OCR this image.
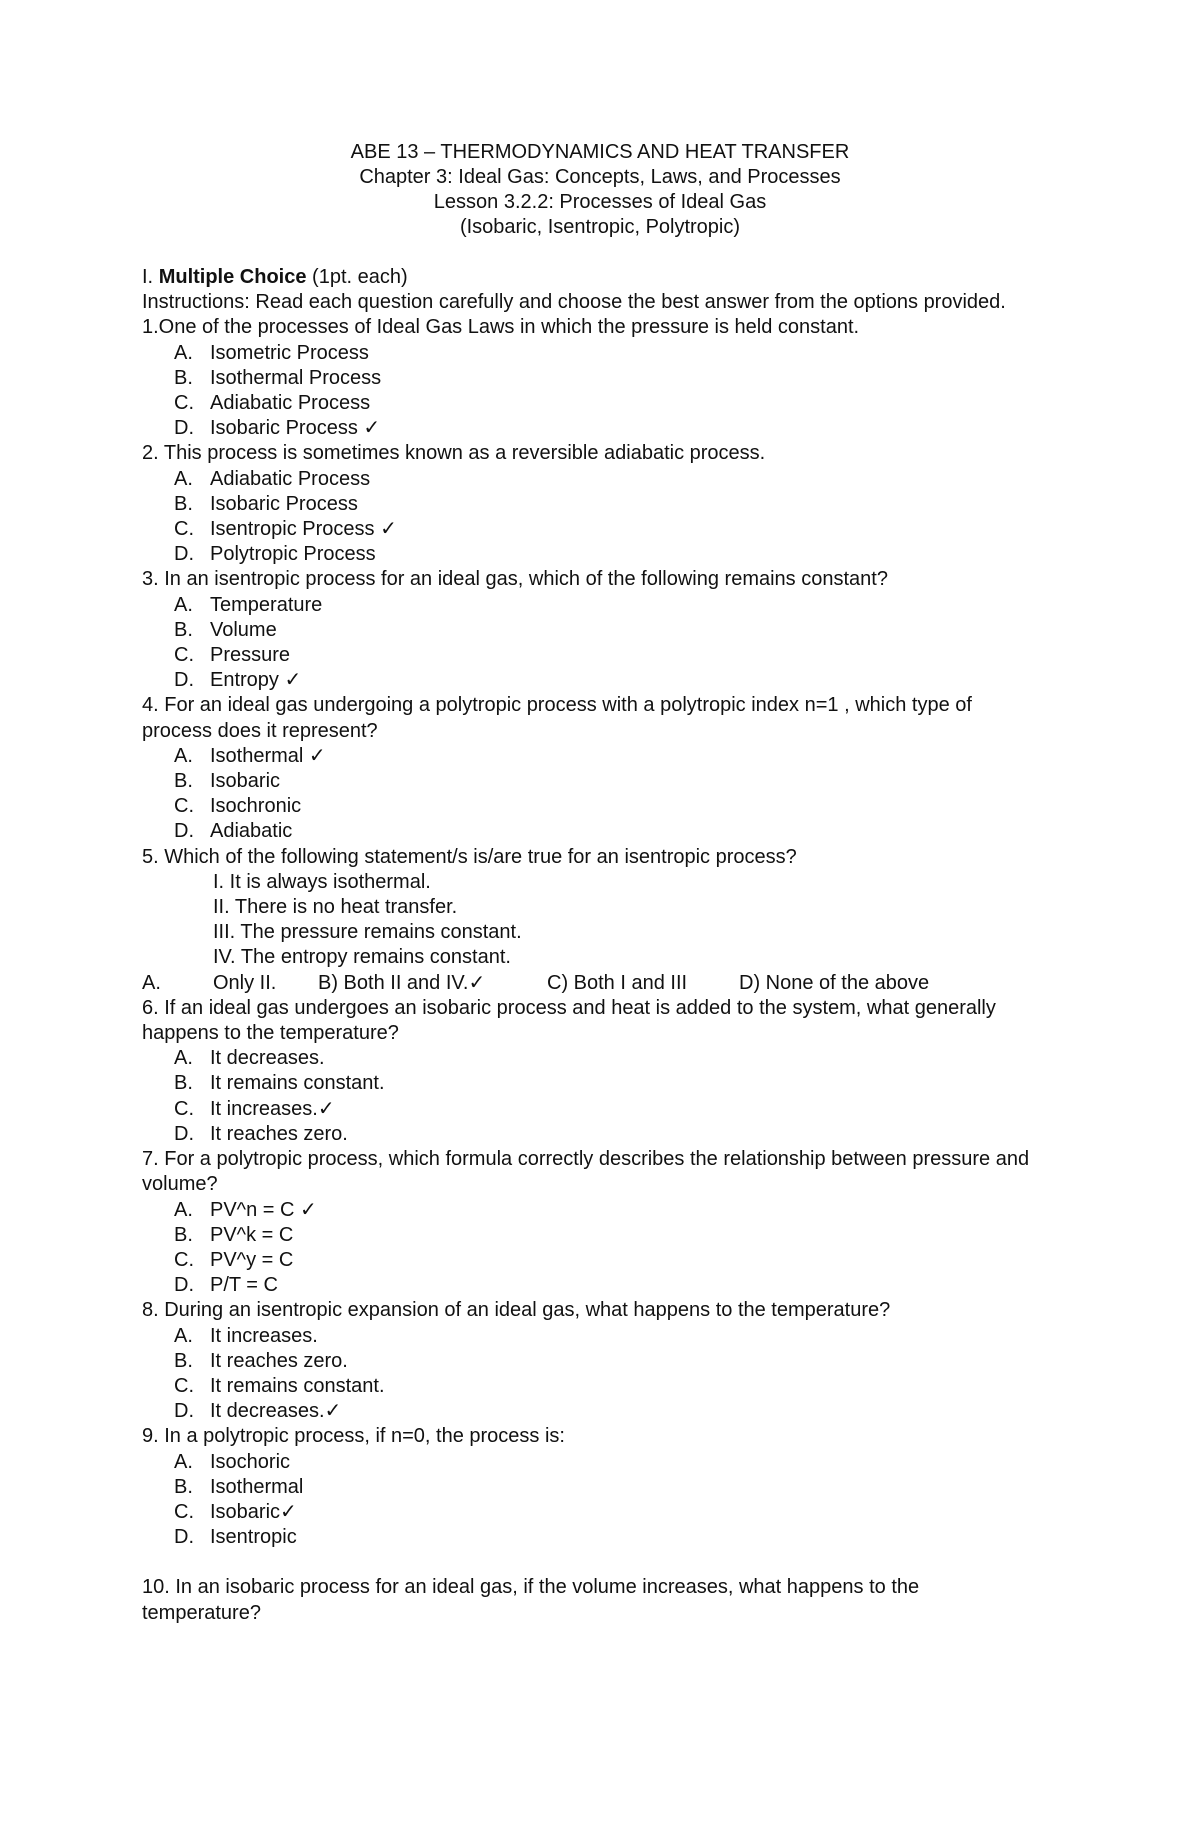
ABE 13 – THERMODYNAMICS AND HEAT TRANSFER
Chapter 3: Ideal Gas: Concepts, Laws, and Processes
Lesson 3.2.2: Processes of Ideal Gas
(Isobaric, Isentropic, Polytropic)
I. Multiple Choice (1pt. each)
Instructions: Read each question carefully and choose the best answer from the options provided.
1.One of the processes of Ideal Gas Laws in which the pressure is held constant.
A. Isometric Process
B. Isothermal Process
C. Adiabatic Process
D. Isobaric Process ✓
2. This process is sometimes known as a reversible adiabatic process.
A. Adiabatic Process
B. Isobaric Process
C. Isentropic Process ✓
D. Polytropic Process
3. In an isentropic process for an ideal gas, which of the following remains constant?
A. Temperature
B. Volume
C. Pressure
D. Entropy ✓
4. For an ideal gas undergoing a polytropic process with a polytropic index n=1 , which type of process does it represent?
A. Isothermal ✓
B. Isobaric
C. Isochronic
D. Adiabatic
5. Which of the following statement/s is/are true for an isentropic process?
I. It is always isothermal.
II. There is no heat transfer.
III. The pressure remains constant.
IV. The entropy remains constant.
A.	Only II. B) Both II and IV.✓	C) Both I and III	D) None of the above
6. If an ideal gas undergoes an isobaric process and heat is added to the system, what generally happens to the temperature?
A. It decreases.
B. It remains constant.
C. It increases.✓
D. It reaches zero.
7. For a polytropic process, which formula correctly describes the relationship between pressure and volume?
A. PV^n = C ✓
B. PV^k = C
C. PV^y = C
D. P/T = C
8. During an isentropic expansion of an ideal gas, what happens to the temperature?
A. It increases.
B. It reaches zero.
C. It remains constant.
D. It decreases.✓
9. In a polytropic process, if n=0, the process is:
A. Isochoric
B. Isothermal
C. Isobaric✓
D. Isentropic
10. In an isobaric process for an ideal gas, if the volume increases, what happens to the temperature?
